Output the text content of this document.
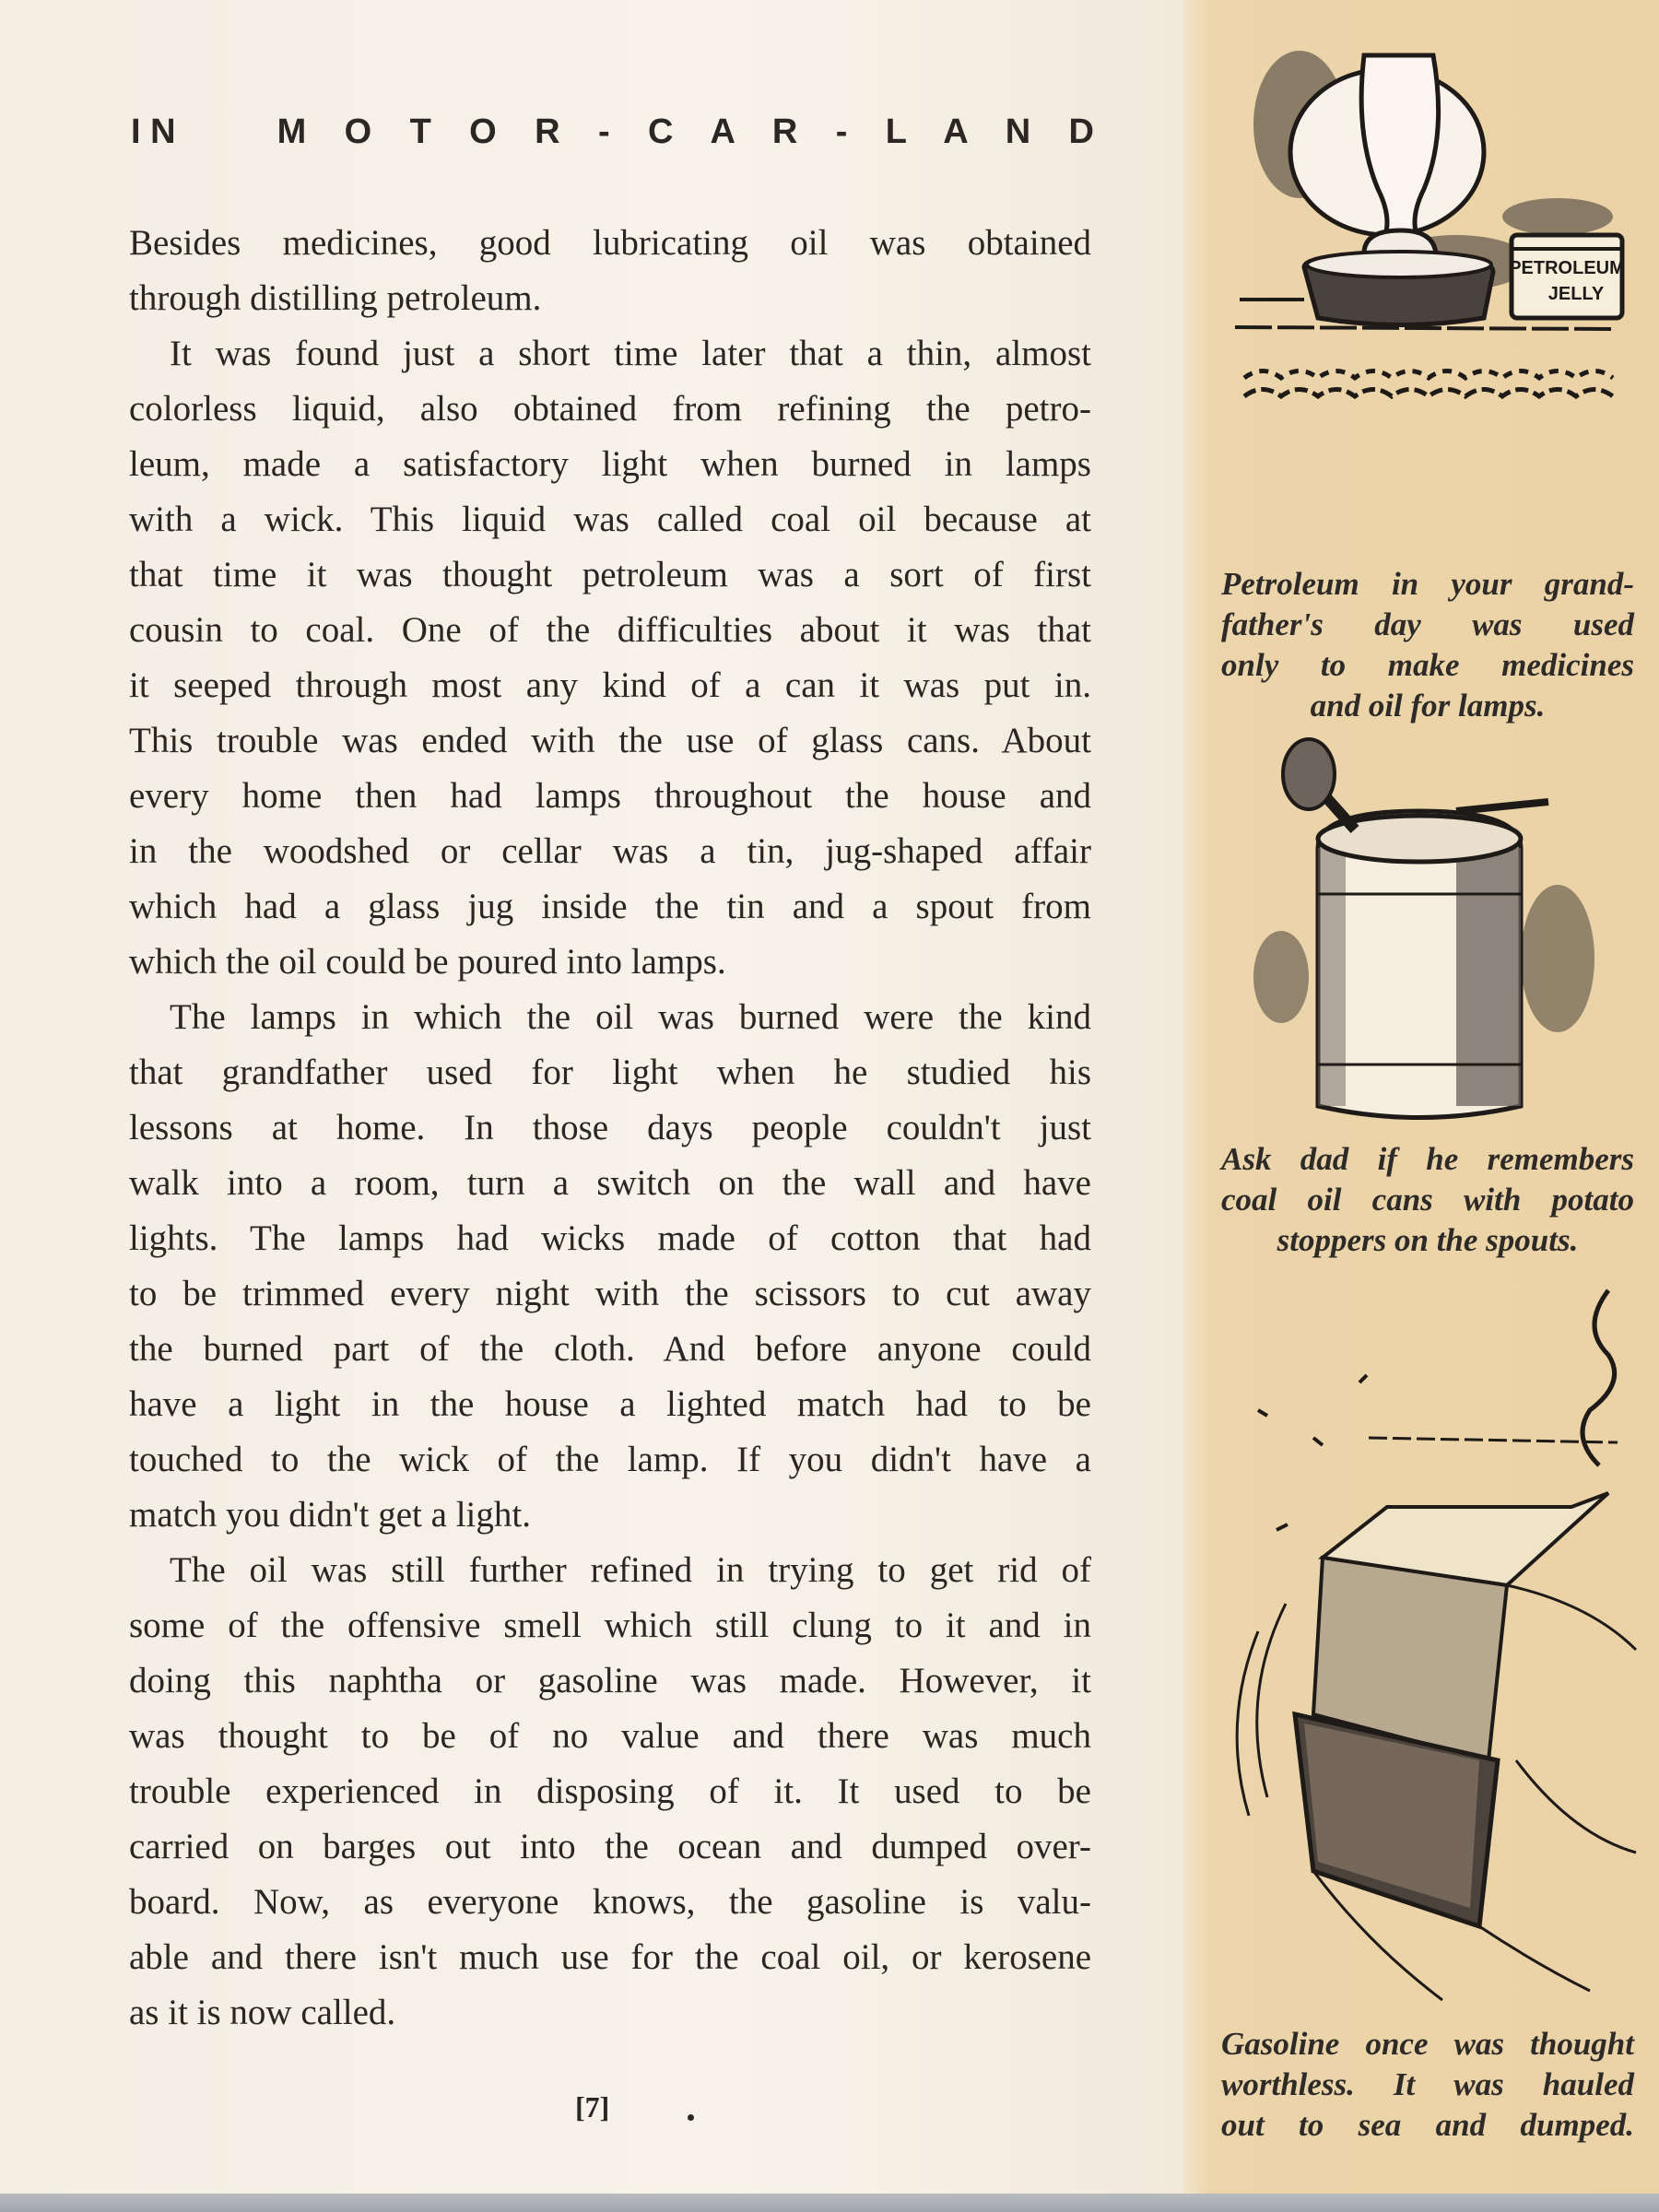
I N	M O T O R - C A R - L A N D
Besides medicines, good lubricating oil was obtained
through distilling petroleum.
It was found just a short time later that a thin, almost
colorless liquid, also obtained from refining the petro-
leum, made a satisfactory light when burned in lamps
with a wick. This liquid was called coal oil because at
that time it was thought petroleum was a sort of first
cousin to coal. One of the difficulties about it was that
it seeped through most any kind of a can it was put in.
This trouble was ended with the use of glass cans. About
every home then had lamps throughout the house and
in the woodshed or cellar was a tin, jug-shaped affair
which had a glass jug inside the tin and a spout from
which the oil could be poured into lamps.
The lamps in which the oil was burned were the kind
that grandfather used for light when he studied his
lessons at home. In those days people couldn't just
walk into a room, turn a switch on the wall and have
lights. The lamps had wicks made of cotton that had
to be trimmed every night with the scissors to cut away
the burned part of the cloth. And before anyone could
have a light in the house a lighted match had to be
touched to the wick of the lamp. If you didn't have a
match you didn't get a light.
The oil was still further refined in trying to get rid of
some of the offensive smell which still clung to it and in
doing this naphtha or gasoline was made. However, it
was thought to be of no value and there was much
trouble experienced in disposing of it. It used to be
carried on barges out into the ocean and dumped over-
board. Now, as everyone knows, the gasoline is valu-
able and there isn't much use for the coal oil, or kerosene
as it is now called.
[7]
PETROLEUM
JELLY
Petroleum in your grand-
father's day was used
only to make medicines
and oil for lamps.
Ask dad if he remembers
coal oil cans with potato
stoppers on the spouts.
Gasoline once was thought
worthless. It was hauled
out to sea and dumped.
